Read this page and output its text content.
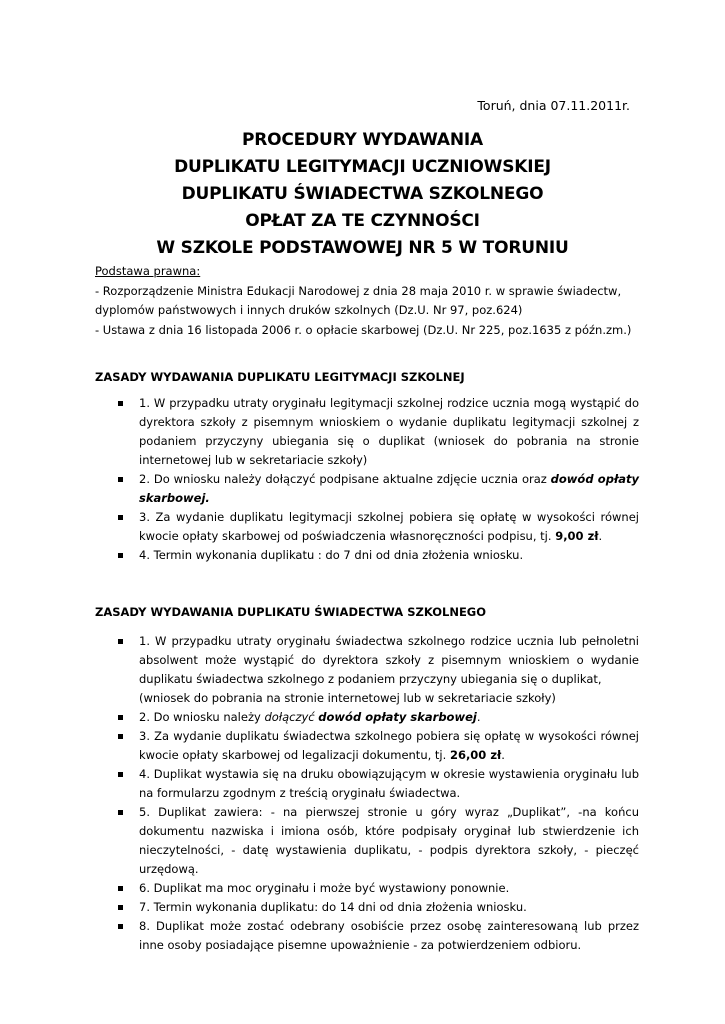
Toruń, dnia 07.11.2011r.
PROCEDURY WYDAWANIA
DUPLIKATU LEGITYMACJI UCZNIOWSKIEJ
DUPLIKATU ŚWIADECTWA SZKOLNEGO
OPŁAT ZA TE CZYNNOŚCI
W SZKOLE PODSTAWOWEJ NR 5 W TORUNIU
Podstawa prawna:
- Rozporządzenie Ministra Edukacji Narodowej z dnia 28 maja 2010 r. w sprawie świadectw,
dyplomów państwowych i innych druków szkolnych (Dz.U. Nr 97, poz.624)
- Ustawa z dnia 16 listopada 2006 r. o opłacie skarbowej (Dz.U. Nr 225, poz.1635 z późn.zm.)
ZASADY WYDAWANIA DUPLIKATU LEGITYMACJI SZKOLNEJ
1. W przypadku utraty oryginału legitymacji szkolnej rodzice ucznia mogą wystąpić do dyrektora szkoły z pisemnym wnioskiem o wydanie duplikatu legitymacji szkolnej z podaniem przyczyny ubiegania się o duplikat (wniosek do pobrania na stronie internetowej lub w sekretariacie szkoły)
2. Do wniosku należy dołączyć podpisane aktualne zdjęcie ucznia oraz dowód opłaty skarbowej.
3. Za wydanie duplikatu legitymacji szkolnej pobiera się opłatę w wysokości równej kwocie opłaty skarbowej od poświadczenia własnoręczności podpisu, tj. 9,00 zł.
4. Termin wykonania duplikatu : do 7 dni od dnia złożenia wniosku.
ZASADY WYDAWANIA DUPLIKATU ŚWIADECTWA SZKOLNEGO
1. W przypadku utraty oryginału świadectwa szkolnego rodzice ucznia lub pełnoletni absolwent może wystąpić do dyrektora szkoły z pisemnym wnioskiem o wydanie duplikatu świadectwa szkolnego z podaniem przyczyny ubiegania się o duplikat,
(wniosek do pobrania na stronie internetowej lub w sekretariacie szkoły)
2. Do wniosku należy dołączyć dowód opłaty skarbowej.
3. Za wydanie duplikatu świadectwa szkolnego pobiera się opłatę w wysokości równej kwocie opłaty skarbowej od legalizacji dokumentu, tj. 26,00 zł.
4. Duplikat wystawia się na druku obowiązującym w okresie wystawienia oryginału lub na formularzu zgodnym z treścią oryginału świadectwa.
5. Duplikat zawiera: - na pierwszej stronie u góry wyraz „Duplikat”, -na końcu dokumentu nazwiska i imiona osób, które podpisały oryginał lub stwierdzenie ich nieczytelności, - datę wystawienia duplikatu, - podpis dyrektora szkoły, - pieczęć urzędową.
6. Duplikat ma moc oryginału i może być wystawiony ponownie.
7. Termin wykonania duplikatu: do 14 dni od dnia złożenia wniosku.
8. Duplikat może zostać odebrany osobiście przez osobę zainteresowaną lub przez inne osoby posiadające pisemne upoważnienie - za potwierdzeniem odbioru.
